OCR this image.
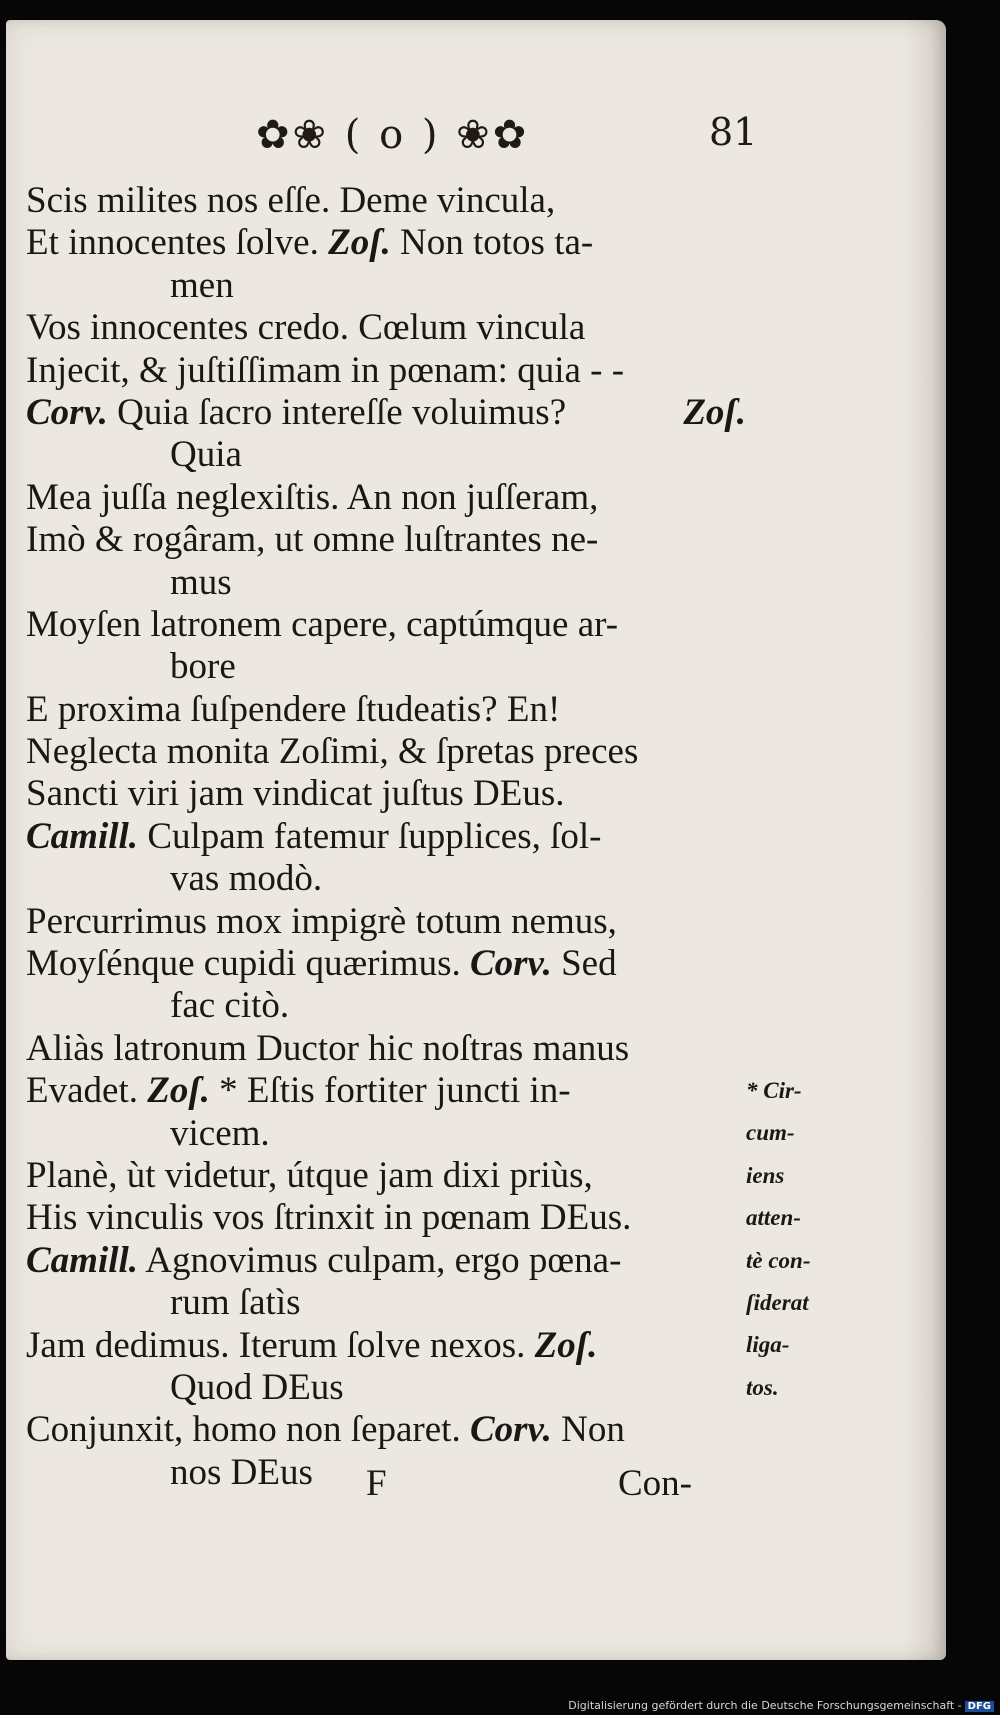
✿❀ ( o ) ❀✿	81
Scis milites nos eſſe. Deme vincula,
Et innocentes ſolve. Zoſ. Non totos ta-
men
Vos innocentes credo. Cœlum vincula
Injecit, & juſtiſſimam in pœnam: quia - -
Corv. Quia ſacro intereſſe voluimus?	Zoſ.
Quia
Mea juſſa neglexiſtis. An non juſſeram,
Imò & rogâram, ut omne luſtrantes ne-
mus
Moyſen latronem capere, captúmque ar-
bore
E proxima ſuſpendere ſtudeatis? En!
Neglecta monita Zoſimi, & ſpretas preces
Sancti viri jam vindicat juſtus DEus.
Camill. Culpam fatemur ſupplices, ſol-
vas modò.
Percurrimus mox impigrè totum nemus,
Moyſénque cupidi quærimus. Corv. Sed
fac citò.
Aliàs latronum Ductor hic noſtras manus
Evadet. Zoſ. * Eſtis fortiter juncti in-
vicem.
Planè, ùt videtur, útque jam dixi priùs,
His vinculis vos ſtrinxit in pœnam DEus.
Camill. Agnovimus culpam, ergo pœna-
rum ſatìs
Jam dedimus. Iterum ſolve nexos. Zoſ.
Quod DEus
Conjunxit, homo non ſeparet. Corv. Non
nos DEus
* Cir-
cum-
iens
atten-
tè con-
ſiderat
liga-
tos.
F	Con-
Digitalisierung gefördert durch die Deutsche Forschungsgemeinschaft - DFG
